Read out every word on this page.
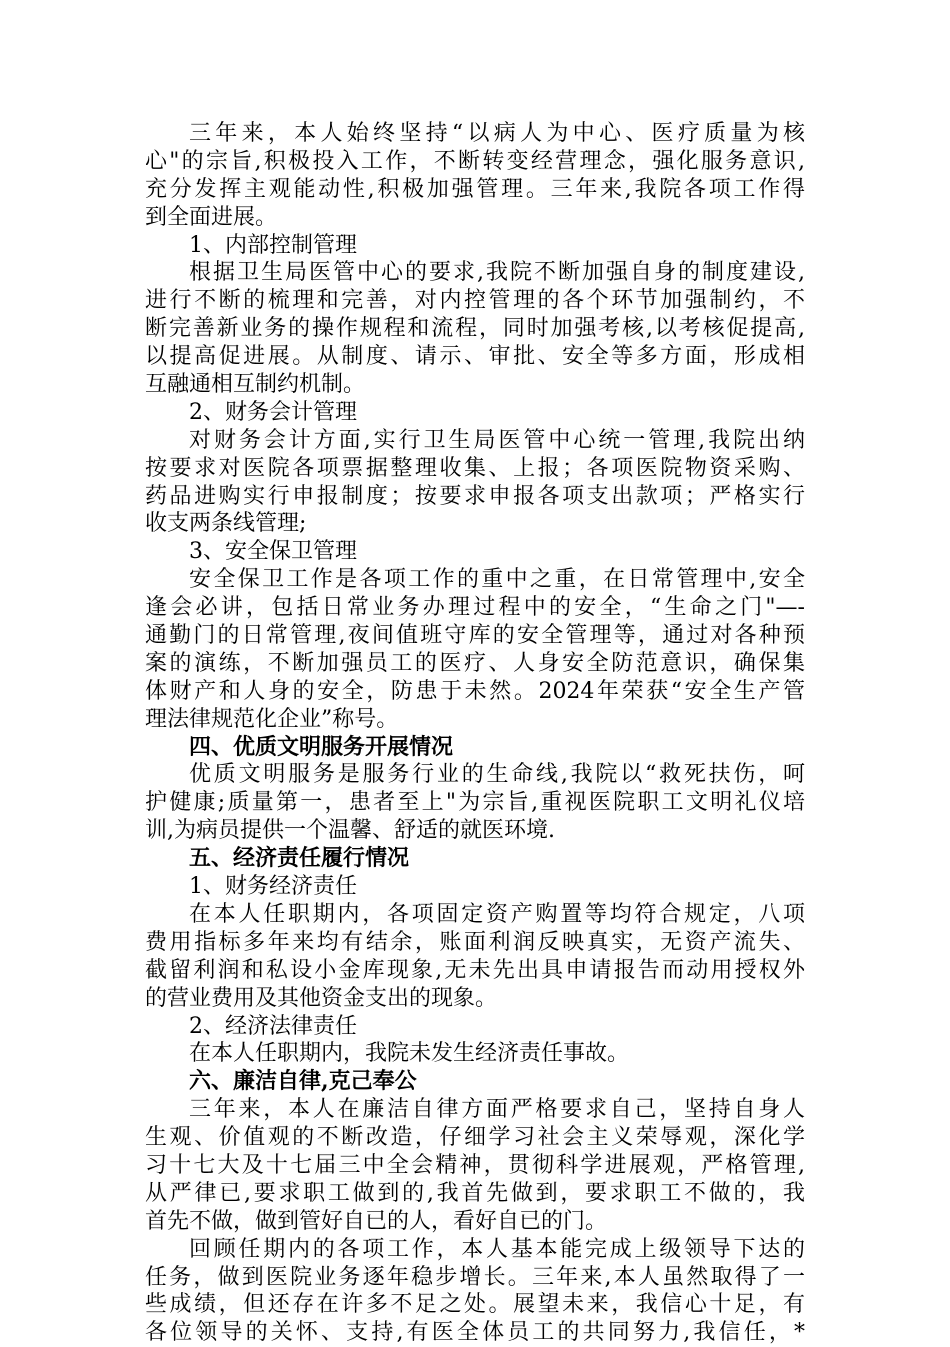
三年来，本人始终坚持“以病人为中心、医疗质量为核
心"的宗旨,积极投入工作，不断转变经营理念，强化服务意识,
充分发挥主观能动性,积极加强管理。三年来,我院各项工作得
到全面进展。
1、内部控制管理
根据卫生局医管中心的要求,我院不断加强自身的制度建设,
进行不断的梳理和完善，对内控管理的各个环节加强制约，不
断完善新业务的操作规程和流程，同时加强考核,以考核促提高,
以提高促进展。从制度、请示、审批、安全等多方面，形成相
互融通相互制约机制。
2、财务会计管理
对财务会计方面,实行卫生局医管中心统一管理,我院出纳
按要求对医院各项票据整理收集、上报；各项医院物资采购、
药品进购实行申报制度；按要求申报各项支出款项；严格实行
收支两条线管理;
3、安全保卫管理
安全保卫工作是各项工作的重中之重，在日常管理中,安全
逢会必讲，包括日常业务办理过程中的安全，“生命之门"—-
通勤门的日常管理,夜间值班守库的安全管理等，通过对各种预
案的演练，不断加强员工的医疗、人身安全防范意识，确保集
体财产和人身的安全，防患于未然。2024年荣获“安全生产管
理法律规范化企业”称号。
四、优质文明服务开展情况
优质文明服务是服务行业的生命线,我院以“救死扶伤，呵
护健康;质量第一，患者至上"为宗旨,重视医院职工文明礼仪培
训,为病员提供一个温馨、舒适的就医环境.
五、经济责任履行情况
1、财务经济责任
在本人任职期内，各项固定资产购置等均符合规定，八项
费用指标多年来均有结余，账面利润反映真实，无资产流失、
截留利润和私设小金库现象,无未先出具申请报告而动用授权外
的营业费用及其他资金支出的现象。
2、经济法律责任
在本人任职期内，我院未发生经济责任事故。
六、廉洁自律,克己奉公
三年来，本人在廉洁自律方面严格要求自己，坚持自身人
生观、价值观的不断改造，仔细学习社会主义荣辱观，深化学
习十七大及十七届三中全会精神，贯彻科学进展观，严格管理,
从严律已,要求职工做到的,我首先做到，要求职工不做的，我
首先不做，做到管好自已的人，看好自已的门。
回顾任期内的各项工作，本人基本能完成上级领导下达的
任务，做到医院业务逐年稳步增长。三年来,本人虽然取得了一
些成绩，但还存在许多不足之处。展望未来，我信心十足，有
各位领导的关怀、支持,有医全体员工的共同努力,我信任，*
